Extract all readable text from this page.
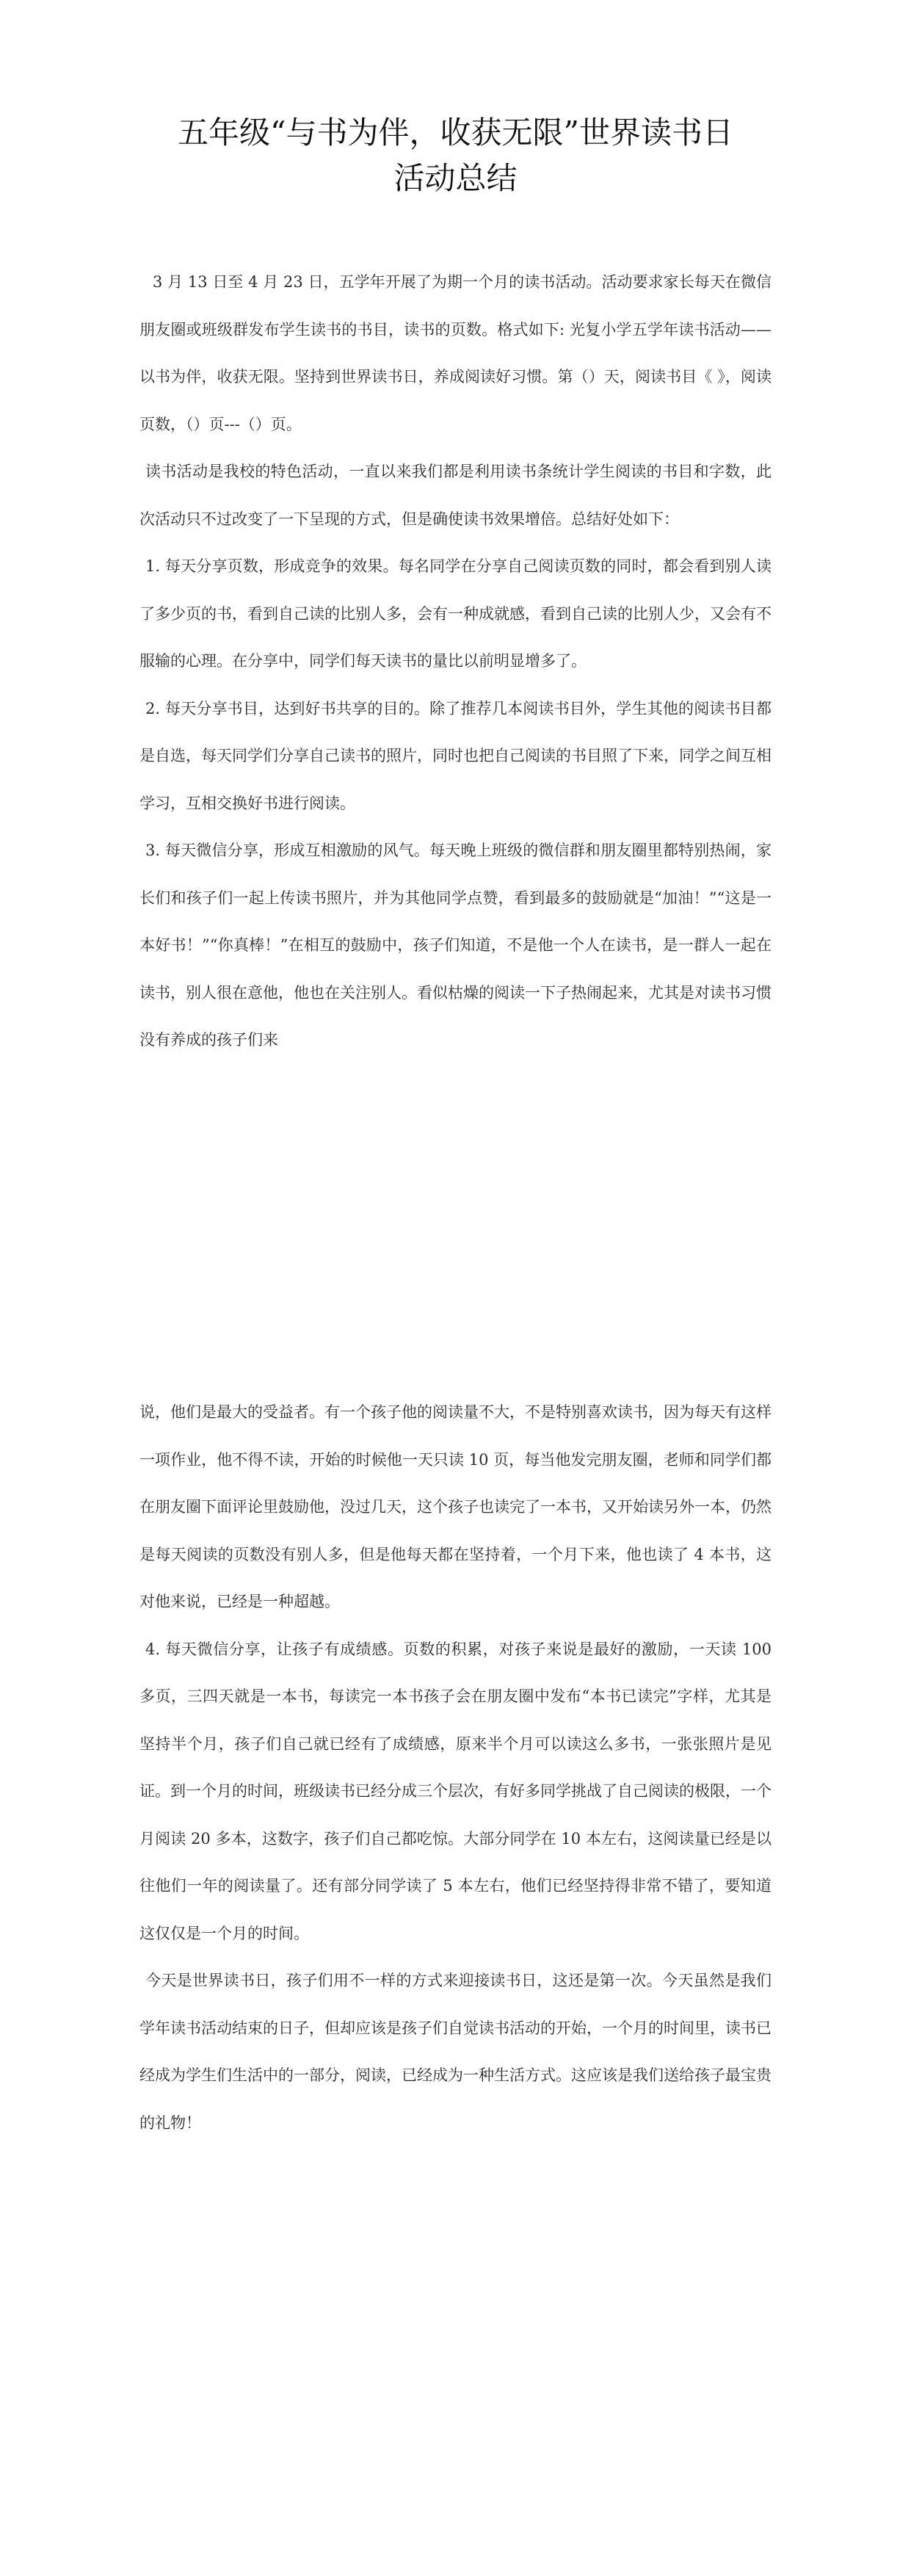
五年级“与书为伴，收获无限”世界读书日
活动总结

3 月 13 日至 4 月 23 日，五学年开展了为期一个月的读书活动。活动要求家长每天在微信朋友圈或班级群发布学生读书的书目，读书的页数。格式如下: 光复小学五学年读书活动——以书为伴，收获无限。坚持到世界读书日，养成阅读好习惯。第（）天，阅读书目《 》，阅读页数，（）页---（）页。

读书活动是我校的特色活动，一直以来我们都是利用读书条统计学生阅读的书目和字数，此次活动只不过改变了一下呈现的方式，但是确使读书效果增倍。总结好处如下：

1. 每天分享页数，形成竞争的效果。每名同学在分享自己阅读页数的同时，都会看到别人读了多少页的书，看到自己读的比别人多，会有一种成就感，看到自己读的比别人少，又会有不服输的心理。在分享中，同学们每天读书的量比以前明显增多了。

2. 每天分享书目，达到好书共享的目的。除了推荐几本阅读书目外，学生其他的阅读书目都是自选，每天同学们分享自己读书的照片，同时也把自己阅读的书目照了下来，同学之间互相学习，互相交换好书进行阅读。

3. 每天微信分享，形成互相激励的风气。每天晚上班级的微信群和朋友圈里都特别热闹，家长们和孩子们一起上传读书照片，并为其他同学点赞，看到最多的鼓励就是“加油！”“这是一本好书！”“你真棒！”在相互的鼓励中，孩子们知道，不是他一个人在读书，是一群人一起在读书，别人很在意他，他也在关注别人。看似枯燥的阅读一下子热闹起来，尤其是对读书习惯没有养成的孩子们来

说，他们是最大的受益者。有一个孩子他的阅读量不大，不是特别喜欢读书，因为每天有这样一项作业，他不得不读，开始的时候他一天只读 10 页，每当他发完朋友圈，老师和同学们都在朋友圈下面评论里鼓励他，没过几天，这个孩子也读完了一本书，又开始读另外一本，仍然是每天阅读的页数没有别人多，但是他每天都在坚持着，一个月下来，他也读了 4 本书，这对他来说，已经是一种超越。

4. 每天微信分享，让孩子有成绩感。页数的积累，对孩子来说是最好的激励，一天读 100 多页，三四天就是一本书，每读完一本书孩子会在朋友圈中发布“本书已读完”字样，尤其是坚持半个月，孩子们自己就已经有了成绩感，原来半个月可以读这么多书，一张张照片是见证。到一个月的时间，班级读书已经分成三个层次，有好多同学挑战了自己阅读的极限，一个月阅读 20 多本，这数字，孩子们自己都吃惊。大部分同学在 10 本左右，这阅读量已经是以往他们一年的阅读量了。还有部分同学读了 5 本左右，他们已经坚持得非常不错了，要知道这仅仅是一个月的时间。

今天是世界读书日，孩子们用不一样的方式来迎接读书日，这还是第一次。今天虽然是我们学年读书活动结束的日子，但却应该是孩子们自觉读书活动的开始，一个月的时间里，读书已经成为学生们生活中的一部分，阅读，已经成为一种生活方式。这应该是我们送给孩子最宝贵的礼物！
